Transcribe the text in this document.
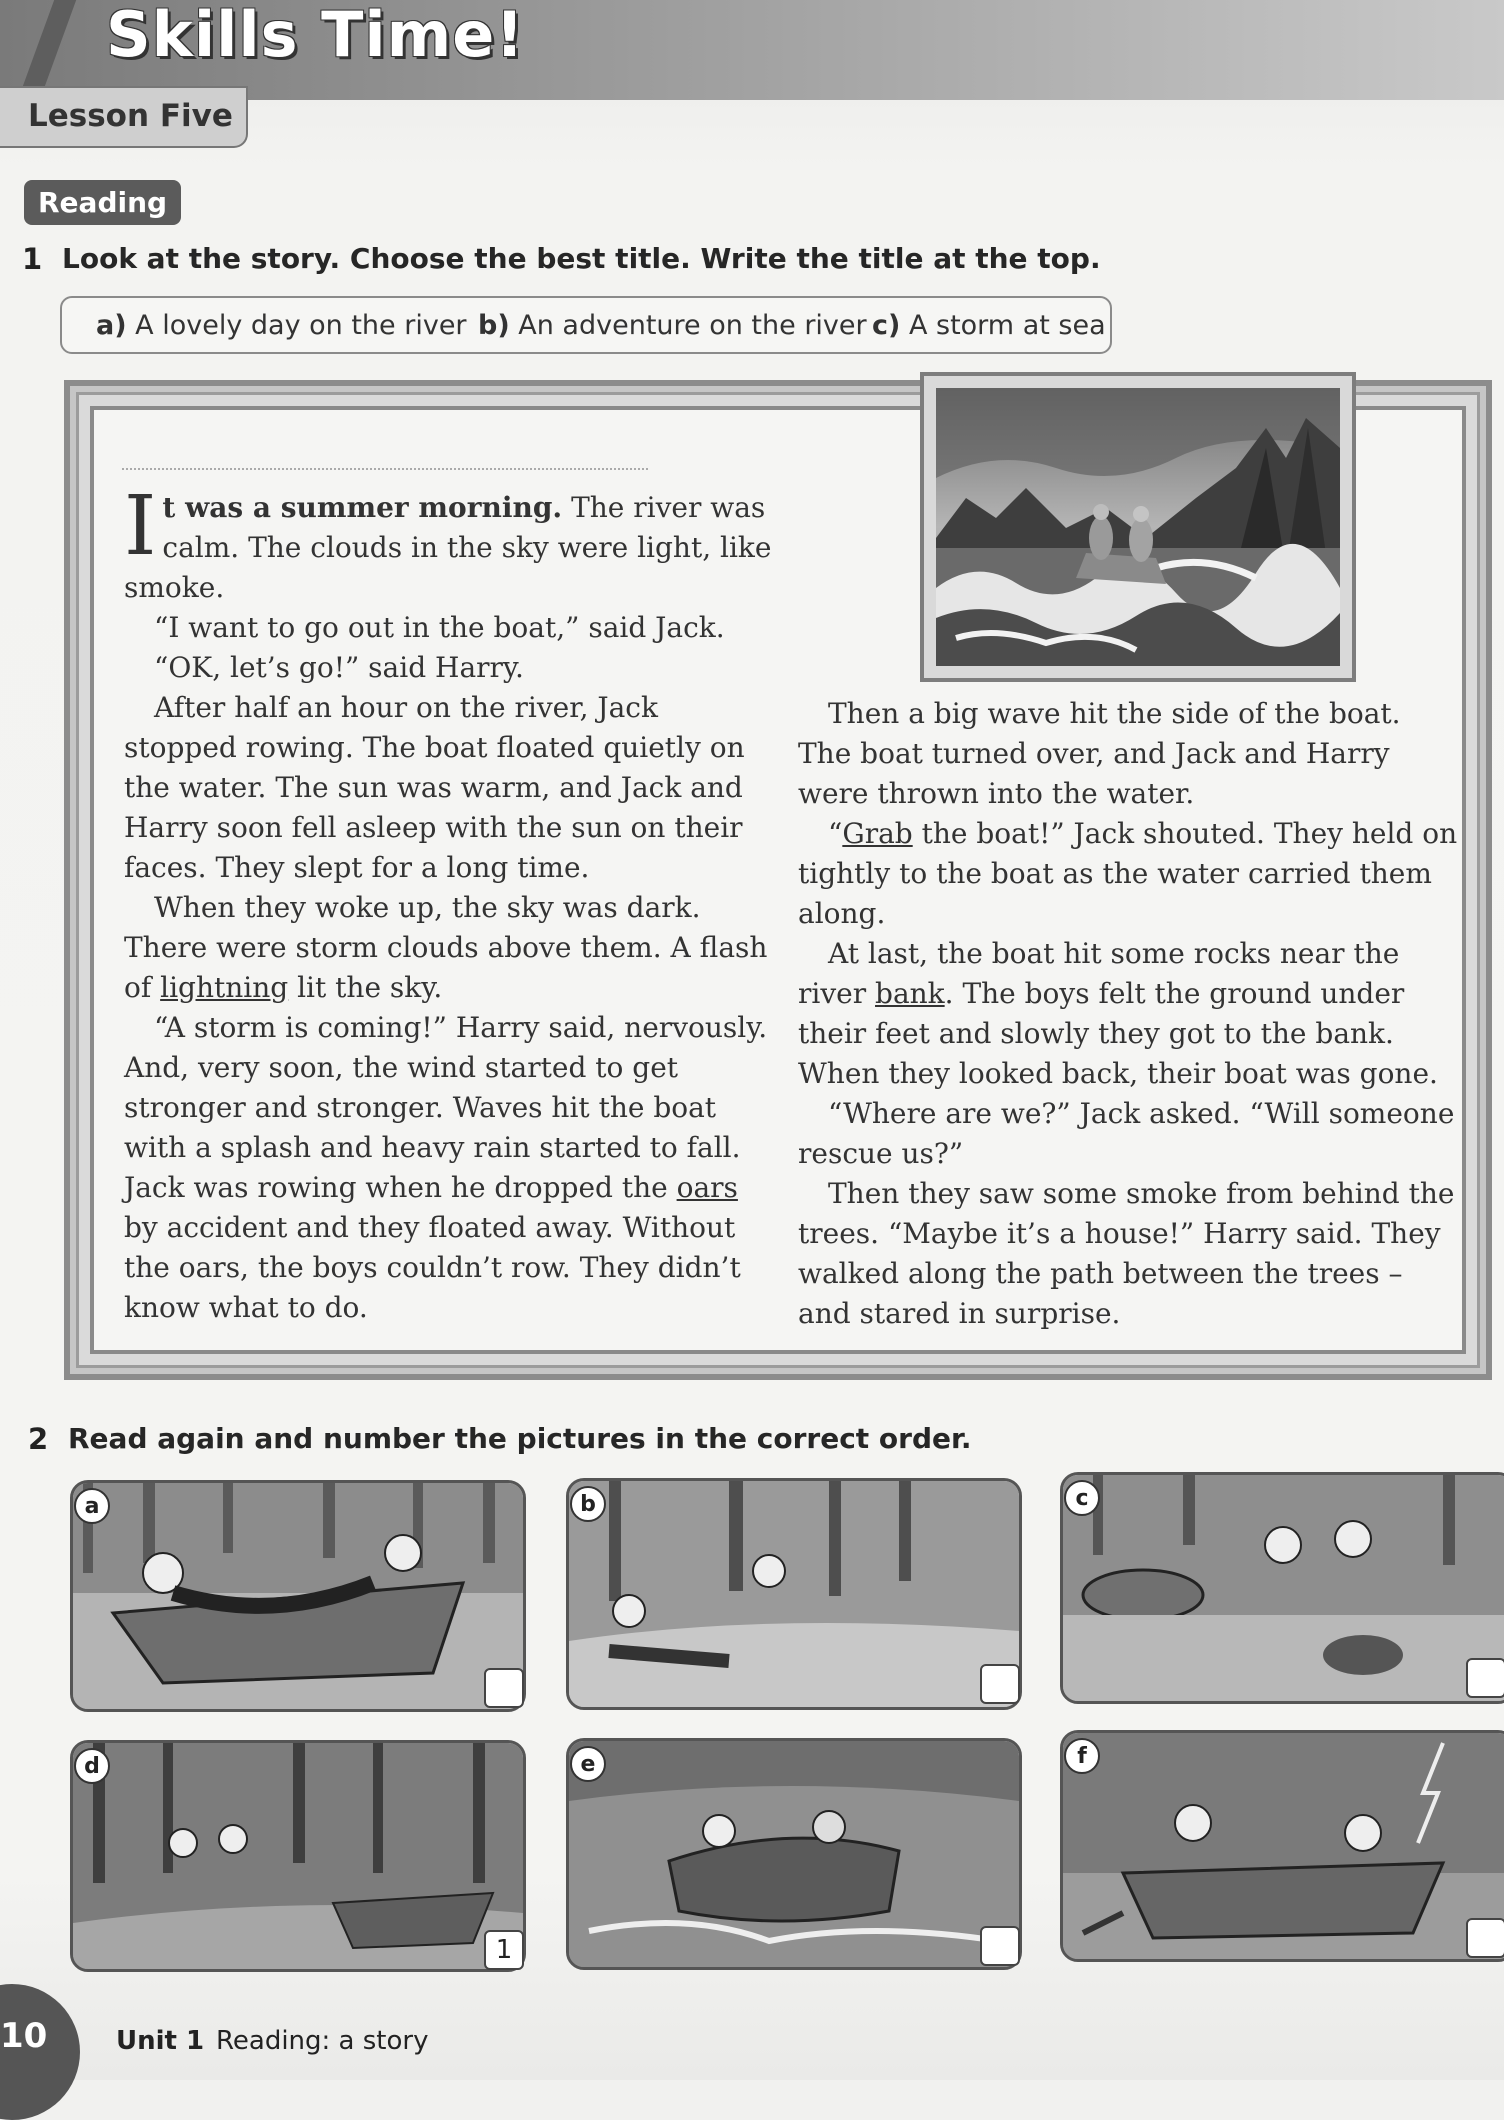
Skills Time!
Lesson Five
Reading
1 Look at the story. Choose the best title. Write the title at the top.
a) A lovely day on the river b) An adventure on the river c) A storm at sea

It was a summer morning. The river was calm. The clouds in the sky were light, like smoke.

“I want to go out in the boat,” said Jack.

“OK, let’s go!” said Harry.

After half an hour on the river, Jack stopped rowing. The boat floated quietly on the water. The sun was warm, and Jack and Harry soon fell asleep with the sun on their faces. They slept for a long time.

When they woke up, the sky was dark. There were storm clouds above them. A flash of lightning lit the sky.

“A storm is coming!” Harry said, nervously. And, very soon, the wind started to get stronger and stronger. Waves hit the boat with a splash and heavy rain started to fall. Jack was rowing when he dropped the oars by accident and they floated away. Without the oars, the boys couldn’t row. They didn’t know what to do.

Then a big wave hit the side of the boat. The boat turned over, and Jack and Harry were thrown into the water.

“Grab the boat!” Jack shouted. They held on tightly to the boat as the water carried them along.

At last, the boat hit some rocks near the river bank. The boys felt the ground under their feet and slowly they got to the bank. When they looked back, their boat was gone.

“Where are we?” Jack asked. “Will someone rescue us?”

Then they saw some smoke from behind the trees. “Maybe it’s a house!” Harry said. They walked along the path between the trees – and stared in surprise.

2 Read again and number the pictures in the correct order.
a	b	c
d
1
e	f
10	Unit 1 Reading: a story
